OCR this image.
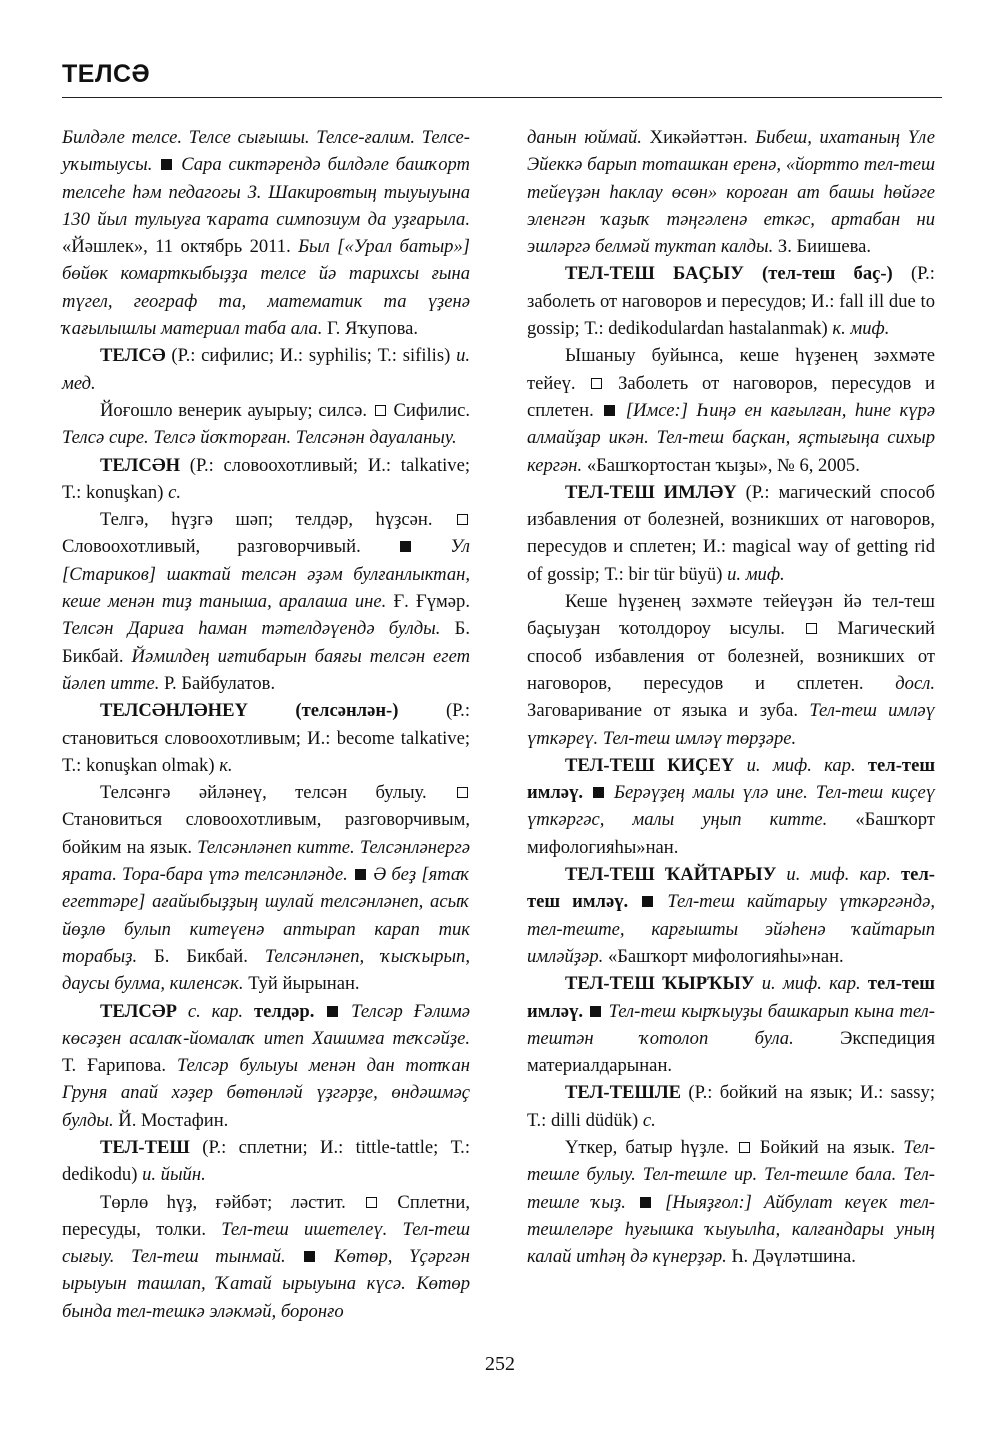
ТЕЛСӘ

Билдәле телсе. Телсе сығышы. Телсе-ғалим. Телсе-уҡытыусы. Сара сиктәрендә билдәле башҡорт телсеһе һәм педагогы З. Шакировтың тыуыуына 130 йыл тулыуға ҡарата симпозиум да уҙғарыла. «Йәшлек», 11 октябрь 2011. Был [«Урал батыр»] бөйөк комарткыбыҙҙа телсе йә тарихсы ғына түгел, географ та, математик та үҙенә ҡағылышлы материал таба ала. Г. Яҡупова.

ТЕЛСӘ (Р.: сифилис; И.: syphilis; Т.: sifilis) и. мед.

Йоғошло венерик ауырыу; силсә. Сифилис. Телсә сире. Телсә йоҡторған. Телсәнән дауаланыу.

ТЕЛСӘН (Р.: словоохотливый; И.: talkative; Т.: konuşkan) с.

Телгә, һүҙгә шәп; телдәр, һүҙсән.  Словоохотливый, разговорчивый.	Ул [Стариков] шактай телсән әҙәм булғанлыктан, кеше менән тиҙ таныша, аралаша ине. Ғ. Ғүмәр. Телсән Дариға һаман тәтелдәүендә булды. Б. Бикбай. Йәмилдең иғтибарын баяғы телсән егет йәлеп итте. Р. Байбулатов.

ТЕЛСӘНЛӘНЕҮ (телсәнлән-)	(Р.: становиться словоохотливым; И.: become talkative; Т.: konuşkan olmak) к.

Телсәнгә әйләнеү, телсән булыу.  Становиться словоохотливым, разговорчивым, бойким на язык. Телсәнләнеп китте. Телсәнләнергә ярата. Тора-бара үтә телсәнләнде. Ә беҙ [ятаҡ егеттәре] ағайыбыҙҙың шулай телсәнләнеп, асыҡ йөҙлө булып китеүенә аптырап карап тик торабыҙ. Б. Бикбай. Телсәнләнеп, ҡысҡырып, даусы булма, киленсәк. Туй йырынан.

ТЕЛСӘР с. кар. телдәр. Телсәр Ғәлимә көсәҙен асалаҡ-йомалаҡ итеп Хашимға теҡсәйҙе. Т. Ғарипова. Телсәр булыуы менән дан тотҡан Груня апай хәҙер бөтөнләй үҙгәрҙе, өндәшмәҫ булды. Й. Мостафин.

ТЕЛ-ТЕШ (Р.: сплетни; И.: tittle-tattle; Т.: dedikodu) и. йыйн.

Төрлө һүҙ, ғәйбәт; ләстит.	Сплетни, пересуды, толки. Тел-теш ишетелеү. Тел-теш сығыу. Тел-теш тынмай.	Көтөр, Үҫәргән ырыуын ташлап, Ҡатай ырыуына күсә. Көтөр бында тел-тешкә эләкмәй, боронғо

данын юймай. Хикәйәттән. Бибеш, ихатаның Үле Эйеккә барып тоташкан еренә, «йортто тел-теш тейеүҙән һаклау өсөн» короған ат башы һөйәге эленгән ҡаҙыҡ тәңгәленә еткәс, артабан ни эшләргә белмәй туктап калды. З. Биишева.

ТЕЛ-ТЕШ БАҪЫУ (тел-теш баҫ-) (Р.: заболеть от наговоров и пересудов; И.: fall ill due to gossip; Т.: dedikodulardan hastalanmak) к. миф.

Ышаныу буйынса, кеше һүҙенең зәхмәте тейеү. Заболеть от наговоров, пересудов и сплетен. [Имсе:] Һиңә ен кағылған, һине күрә алмайҙар икән. Тел-теш баҫкан, яҫтығыңа сихыр кергән. «Башҡортостан ҡыҙы», № 6, 2005.

ТЕЛ-ТЕШ ИМЛӘҮ (Р.: магический способ избавления от болезней, возникших от наговоров, пересудов и сплетен; И.: magical way of getting rid of gossip; Т.: bir tür büyü) и. миф.

Кеше һүҙенең зәхмәте тейеүҙән йә тел-теш баҫыуҙан ҡотолдороу ысулы.	Магический способ избавления от болезней, возникших от наговоров, пересудов и сплетен. досл. Заговаривание от языка и зуба. Тел-теш имләү үткәреү. Тел-теш имләү төрҙәре.

ТЕЛ-ТЕШ КИҪЕҮ и. миф. кар. тел-теш имләү. Берәүҙең малы үлә ине. Тел-теш киҫеү үткәргәс, малы уңып китте. «Башҡорт мифологияһы»нан.

ТЕЛ-ТЕШ ҠАЙТАРЫУ и. миф. кар. тел-теш имләү. Тел-теш кайтарыу үткәргәндә, тел-теште, карғышты эйәһенә ҡайтарып имләйҙәр. «Башҡорт мифологияһы»нан.

ТЕЛ-ТЕШ ҠЫРҠЫУ и. миф. кар. тел-теш имләү. Тел-теш кырҡыуҙы башкарып кына тел-тештән ҡотолоп була. Экспедиция материалдарынан.

ТЕЛ-ТЕШЛЕ (Р.: бойкий на язык; И.: sassy; Т.: dilli düdük) с.

Үткер, батыр һүҙле. Бойкий на язык. Тел-тешле булыу. Тел-тешле ир. Тел-тешле бала. Тел-тешле ҡыҙ. [Ныяҙғол:] Айбулат кеүек тел-тешлеләре һуғышка ҡыуылһа, калғандары уның калай итһәң дә күнерҙәр. Һ. Дәүләтшина.

252
